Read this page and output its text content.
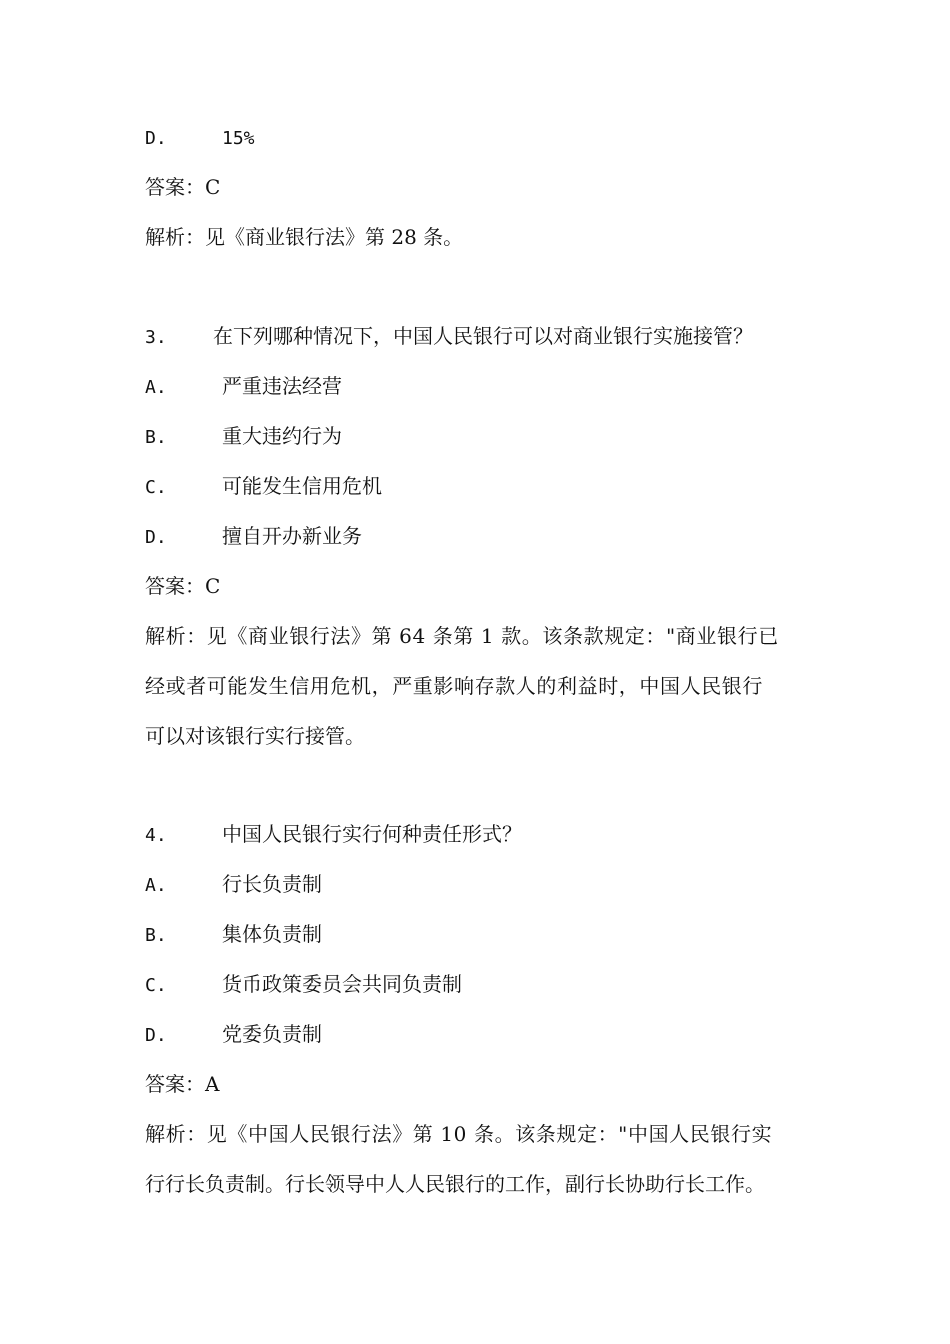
D.	15%
答案：C
解析：见《商业银行法》第 28 条。
3. 在下列哪种情况下，中国人民银行可以对商业银行实施接管？
A.	严重违法经营
B.	重大违约行为
C.	可能发生信用危机
D.	擅自开办新业务
答案：C
解析：见《商业银行法》第 64 条第 1 款。该条款规定："商业银行已
经或者可能发生信用危机，严重影响存款人的利益时，中国人民银行
可以对该银行实行接管。
4.	中国人民银行实行何种责任形式？
A.	行长负责制
B.	集体负责制
C.	货币政策委员会共同负责制
D.	党委负责制
答案：A
解析：见《中国人民银行法》第 10 条。该条规定："中国人民银行实
行行长负责制。行长领导中人人民银行的工作，副行长协助行长工作。
